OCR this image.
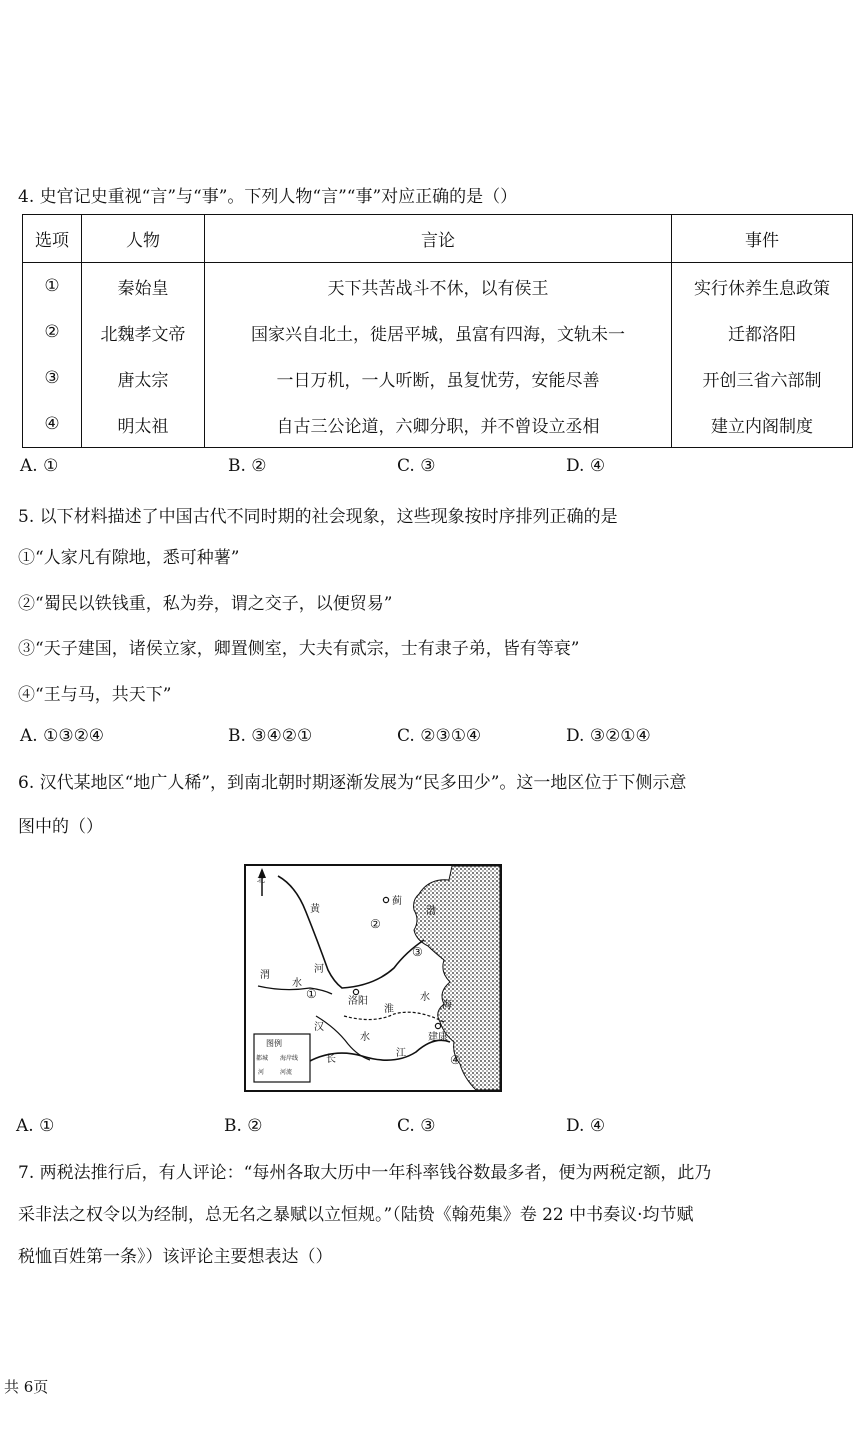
4. 史官记史重视“言”与“事”。下列人物“言”“事”对应正确的是（）
选项	人物	言论	事件
①	秦始皇	天下共苦战斗不休，以有侯王	实行休养生息政策
②	北魏孝文帝	国家兴自北土，徙居平城，虽富有四海，文轨未一	迁都洛阳
③	唐太宗	一日万机，一人听断，虽复忧劳，安能尽善	开创三省六部制
④	明太祖	自古三公论道，六卿分职，并不曾设立丞相	建立内阁制度
A. ①	B. ②	C. ③	D. ④
5. 以下材料描述了中国古代不同时期的社会现象，这些现象按时序排列正确的是
①“人家凡有隙地，悉可种薯”
②“蜀民以铁钱重，私为券，谓之交子，以便贸易”
③“天子建国，诸侯立家，卿置侧室，大夫有贰宗，士有隶子弟，皆有等衰”
④“王与马，共天下”
A. ①③②④	B. ③④②①	C. ②③①④	D. ③②①④
6. 汉代某地区“地广人稀”，到南北朝时期逐渐发展为“民多田少”。这一地区位于下侧示意
图中的（）
北
黄
河
渭
水
洛阳
淮
水
汉
水
长
江
建康
蓟
渤
海
①
②
③
④
图例
都城 海岸线
河	河流
A. ①	B. ②	C. ③	D. ④
7. 两税法推行后，有人评论：“每州各取大历中一年科率钱谷数最多者，便为两税定额，此乃
采非法之权令以为经制，总无名之暴赋以立恒规。”（陆贽《翰苑集》卷 22 中书奏议·均节赋
税恤百姓第一条》）该评论主要想表达（）
共 6页
